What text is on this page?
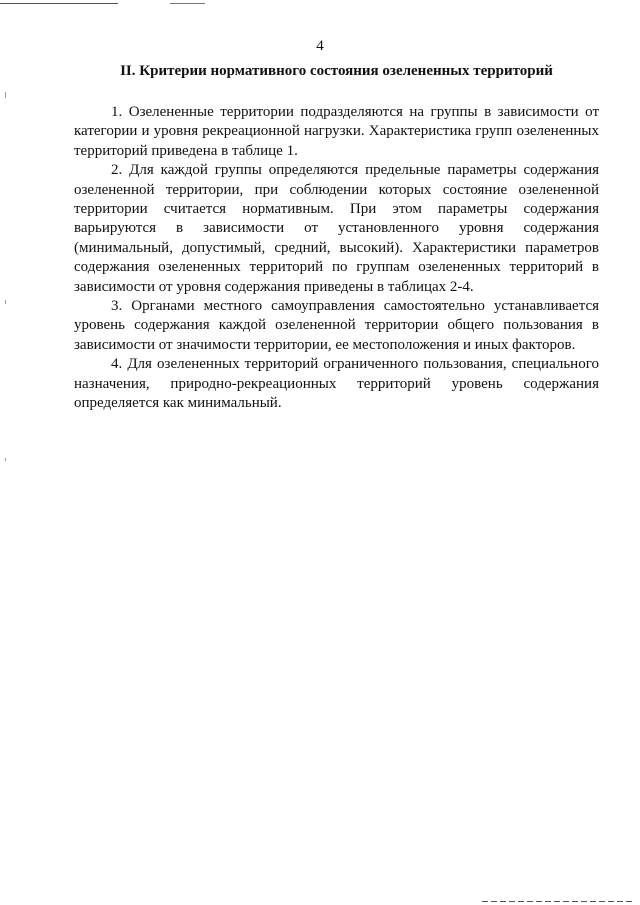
4
II. Критерии нормативного состояния озелененных территорий

1. Озелененные территории подразделяются на группы в зависимости от категории и уровня рекреационной нагрузки. Характеристика групп озелененных территорий приведена в таблице 1.

2. Для каждой группы определяются предельные параметры содержания озелененной территории, при соблюдении которых состояние озелененной территории считается нормативным. При этом параметры содержания варьируются в зависимости от установленного уровня содержания (минимальный, допустимый, средний, высокий). Характеристики параметров содержания озелененных территорий по группам озелененных территорий в зависимости от уровня содержания приведены в таблицах 2-4.

3. Органами местного самоуправления самостоятельно устанавливается уровень содержания каждой озелененной территории общего пользования в зависимости от значимости территории, ее местоположения и иных факторов.

4. Для озелененных территорий ограниченного пользования, специального назначения, природно-рекреационных территорий уровень содержания определяется как минимальный.
